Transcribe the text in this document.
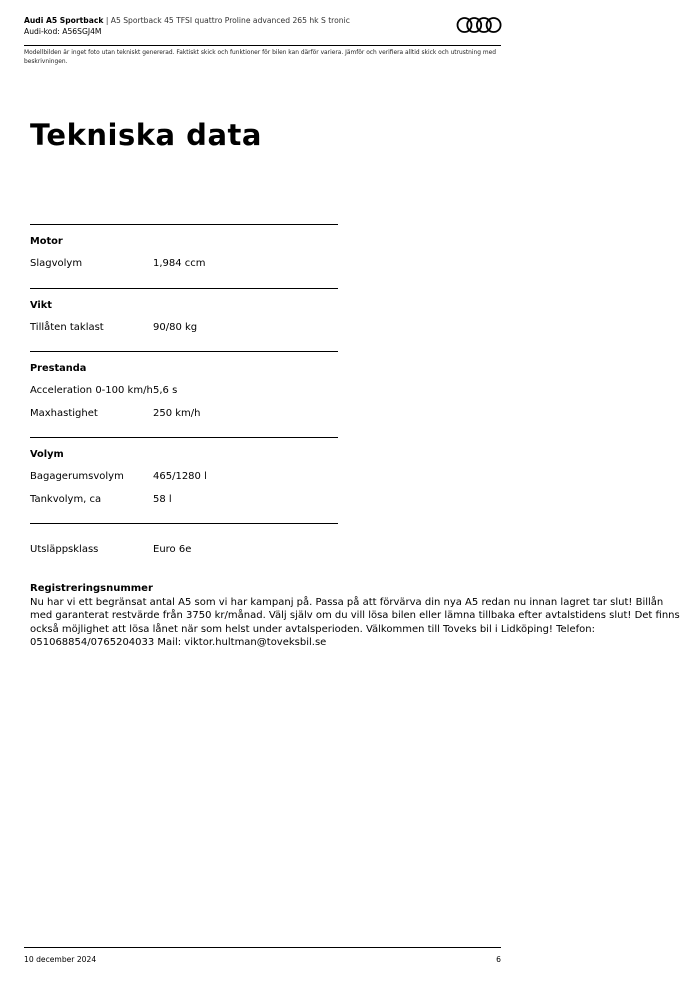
Audi A5 Sportback | A5 Sportback 45 TFSI quattro Proline advanced 265 hk S tronic
Audi-kod: A56SGJ4M
Modellbilden är inget foto utan tekniskt genererad. Faktiskt skick och funktioner för bilen kan därför variera. Jämför och verifiera alltid skick och utrustning med beskrivningen.
Tekniska data
Motor
Slagvolym	1,984 ccm
Vikt
Tillåten taklast	90/80 kg
Prestanda
Acceleration 0-100 km/h 5,6 s
Maxhastighet	250 km/h
Volym
Bagagerumsvolym	465/1280 l
Tankvolym, ca	58 l
Utsläppsklass	Euro 6e
Registreringsnummer
Nu har vi ett begränsat antal A5 som vi har kampanj på. Passa på att förvärva din nya A5 redan nu innan lagret tar slut! Billån med garanterat restvärde från 3750 kr/månad. Välj själv om du vill lösa bilen eller lämna tillbaka efter avtalstidens slut! Det finns också möjlighet att lösa lånet när som helst under avtalsperioden. Välkommen till Toveks bil i Lidköping! Telefon: 051068854/0765204033 Mail: viktor.hultman@toveksbil.se
10 december 2024	6
